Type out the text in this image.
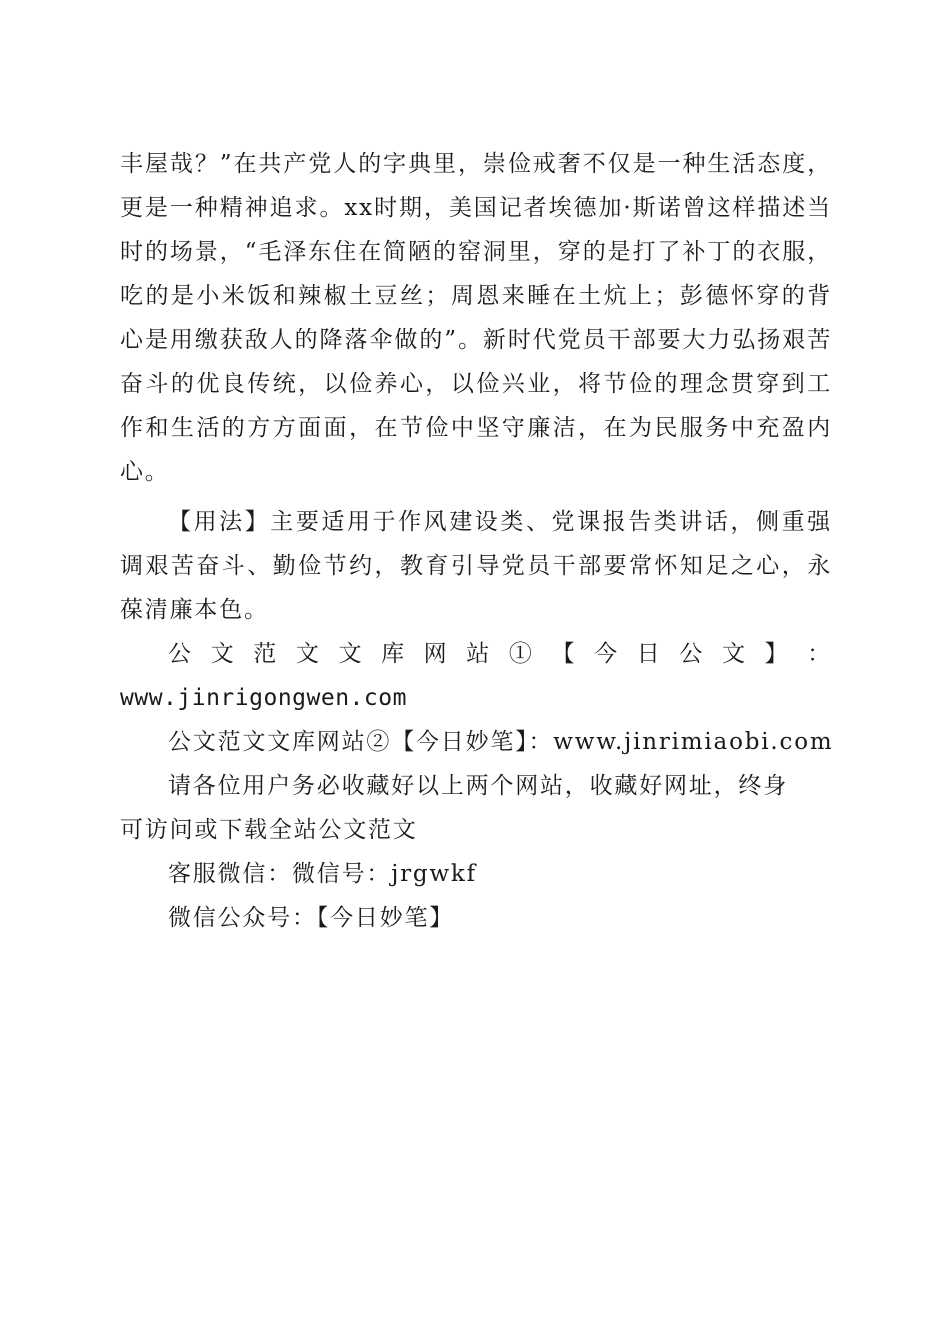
丰屋哉？”在共产党人的字典里，崇俭戒奢不仅是一种生活态度，更是一种精神追求。xx时期，美国记者埃德加·斯诺曾这样描述当时的场景，“毛泽东住在简陋的窑洞里，穿的是打了补丁的衣服，吃的是小米饭和辣椒土豆丝；周恩来睡在土炕上；彭德怀穿的背心是用缴获敌人的降落伞做的”。新时代党员干部要大力弘扬艰苦奋斗的优良传统，以俭养心，以俭兴业，将节俭的理念贯穿到工作和生活的方方面面，在节俭中坚守廉洁，在为民服务中充盈内心。

【用法】主要适用于作风建设类、党课报告类讲话，侧重强调艰苦奋斗、勤俭节约，教育引导党员干部要常怀知足之心，永葆清廉本色。

公 文 范 文 文 库 网 站 ① 【 今 日 公 文 】 ：

www.jinrigongwen.com

公文范文文库网站②【今日妙笔】：www.jinrimiaobi.com

请各位用户务必收藏好以上两个网站，收藏好网址，终身

可访问或下载全站公文范文

客服微信：微信号：jrgwkf

微信公众号：【今日妙笔】
